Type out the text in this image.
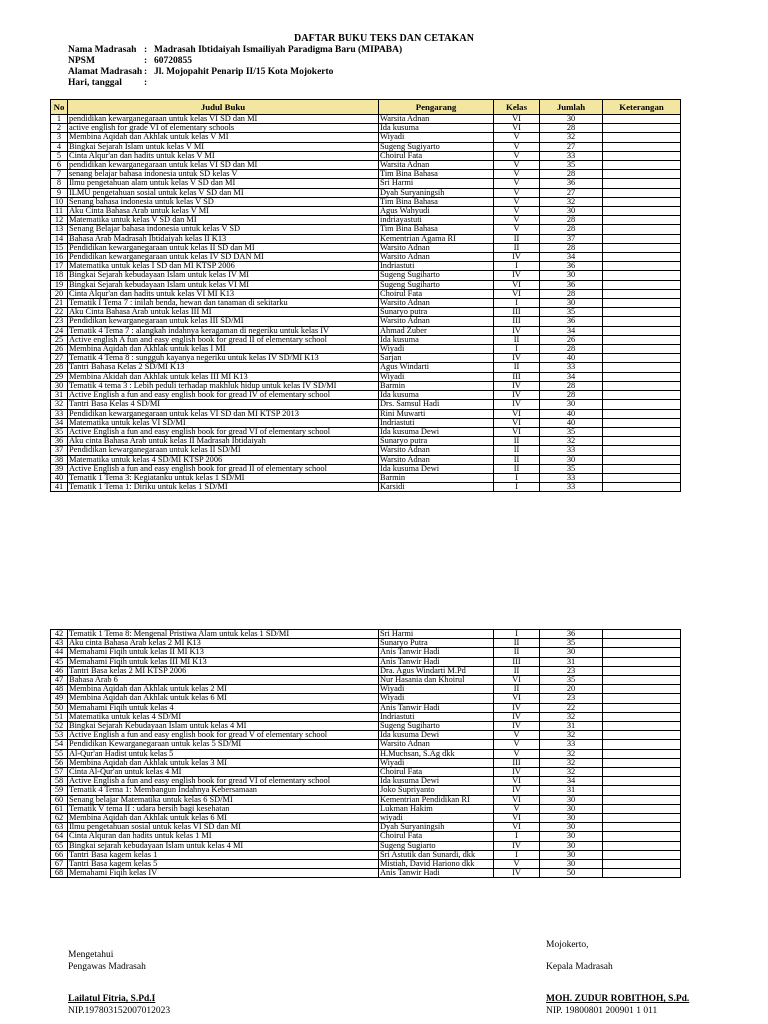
DAFTAR BUKU TEKS DAN CETAKAN
Nama Madrasah : Madrasah Ibtidaiyah Ismailiyah Paradigma Baru (MIPABA)
NPSM	: 60720855
Alamat Madrasah : Jl. Mojopahit Penarip II/15 Kota Mojokerto
Hari, tanggal :
No	Judul Buku	Pengarang	Kelas	Jumlah	Keterangan
1	pendidikan kewarganegaraan untuk kelas VI SD dan MI	Warsita Adnan	VI	30	
2	active english for grade VI of elementary schools	Ida kusuma	VI	28	
3	Membina Aqidah dan Akhlak untuk kelas V MI	Wiyadi	V	32	
4	Bingkai Sejarah Islam untuk kelas V MI	Sugeng Sugiyarto	V	27	
5	Cinta Alqur'an dan hadits untuk kelas V MI	Choirul Fata	V	33	
6	pendidikan kewarganegaraan untuk kelas VI SD dan MI	Warsita Adnan	V	35	
7	senang belajar bahasa indonesia untuk SD kelas V	Tim Bina Bahasa	V	28	
8	Ilmu pengetahuan alam untuk kelas V SD dan MI	Sri Harmi	V	36	
9	ILMU pengetahuan sosial untuk kelas V SD dan MI	Dyah Suryaningsih	V	27	
10	Senang bahasa indonesia untuk kelas V SD	Tim Bina Bahasa	V	32	
11	Aku Cinta Bahasa Arab untuk kelas V MI	Agus Wahyudi	V	30	
12	Matematika untuk kelas V SD dan MI	indriayastuti	V	28	
13	Senang Belajar bahasa indonesia untuk kelas V SD	Tim Bina Bahasa	V	28	
14	Bahasa Arab Madrasah Ibtidaiyah kelas II K13	Kementrian Agama RI	II	37	
15	Pendidikan kewarganegaraan untuk kelas II SD dan MI	Warsito Adnan	II	28	
16	Pendidikan kewarganegaraan untuk kelas IV SD DAN MI	Warsito Adnan	IV	34	
17	Matematika untuk kelas I SD dan MI KTSP 2006	Indriastuti	I	36	
18	Bingkai Sejarah kebudayaan Islam untuk kelas IV MI	Sugeng Sugiharto	IV	30	
19	Bingkai Sejarah kebudayaan Islam untuk kelas VI MI	Sugeng Sugiharto	VI	36	
20	Cinta Alqur'an dan hadits untuk kelas VI MI K13	Choirul Fata	VI	28	
21	Tematik I Tema 7 : inilah benda, hewan dan tanaman di sekitarku	Warsito Adnan	I	30	
22	Aku Cinta Bahasa Arab untuk kelas III MI	Sunaryo putra	III	35	
23	Pendidikan kewarganegaraan untuk kelas III SD/MI	Warsito Adnan	III	36	
24	Tematik 4 Tema 7 : alangkah indahnya keragaman di negeriku untuk kelas IV	Ahmad Zuber	IV	34	
25	Active english A fun and easy english book for gread II of elementary school	Ida kusuma	II	26	
26	Membina Aqidah dan Akhlak untuk kelas I MI	Wiyadi	I	28	
27	Tematik 4 Tema 8 : sungguh kayanya negeriku untuk kelas IV SD/MI K13	Sarjan	IV	40	
28	Tantri Bahasa Kelas 2 SD/MI K13	Agus Windarti	II	33	
29	Membina Akidah dan Akhlak untuk kelas III MI K13	Wiyadi	III	34	
30	Tematik 4 tema 3 : Lebih peduli terhadap makhluk hidup untuk kelas IV SD/MI	Barmin	IV	28	
31	Active English a fun and easy english book for gread IV of elementary school	Ida kusuma	IV	28	
32	Tantri Basa Kelas 4 SD/MI	Drs. Samsul Hadi	IV	30	
33	Pendidikan kewarganegaraan untuk kelas VI SD dan MI KTSP 2013	Rini Muwarti	VI	40	
34	Matematika untuk kelas VI SD/MI	Indriastuti	VI	40	
35	Active English a fun and easy english book for gread VI of elementary school	Ida kusuma Dewi	VI	35	
36	Aku cinta Bahasa Arab untuk kelas II Madrasah Ibtidaiyah	Sunaryo putra	II	32	
37	Pendidikan kewarganegaraan untuk kelas II SD/MI	Warsito Adnan	II	33	
38	Matematika untuk kelas 4 SD/MI KTSP 2006	Warsito Adnan	II	30	
39	Active English a fun and easy english book for gread II of elementary school	Ida kusuma Dewi	II	35	
40	Tematik 1 Tema 3: Kegiatanku untuk kelas 1 SD/MI	Barmin	I	33	
41	Tematik 1 Tema 1: Diriku untuk kelas 1 SD/MI	Karsidi	I	33	
42	Tematik 1 Tema 8: Mengenal Pristiwa Alam untuk kelas 1 SD/MI	Sri Harmi	I	36	
43	Aku cinta Bahasa Arab kelas 2 MI K13	Sunaryo Putra	II	35	
44	Memahami Fiqih untuk kelas II MI K13	Anis Tanwir Hadi	II	30	
45	Memahami Fiqih untuk kelas III MI K13	Anis Tanwir Hadi	III	31	
46	Tantri Basa kelas 2 MI KTSP 2006	Dra. Agus Windarti M.Pd	II	23	
47	Bahasa Arab 6	Nur Hasania dan Khoirul	VI	35	
48	Membina Aqidah dan Akhlak untuk kelas 2 MI	Wiyadi	II	20	
49	Membina Aqidah dan Akhlak untuk kelas 6 MI	Wiyadi	VI	23	
50	Memahami Fiqih untuk kelas 4	Anis Tanwir Hadi	IV	22	
51	Matematika untuk kelas 4 SD/MI	Indriastuti	IV	32	
52	Bingkai Sejarah Kebudayaan Islam untuk kelas 4 MI	Sugeng Sugiharto	IV	31	
53	Active English a fun and easy english book for gread V of elementary school	Ida kusuma Dewi	V	32	
54	Pendidikan Kewarganegaraan untuk kelas 5 SD/MI	Warsito Adnan	V	33	
55	Al-Qur'an Hadist untuk kelas 5	H.Muchsan, S.Ag dkk	V	32	
56	Membina Aqidah dan Akhlak untuk kelas 3 MI	Wiyadi	III	32	
57	Cinta Al-Qur'an untuk kelas 4 MI	Choirul Fata	IV	32	
58	Active English a fun and easy english book for gread VI of elementary school	Ida kusuma Dewi	VI	34	
59	Tematik 4 Tema 1: Membangun Indahnya Kebersamaan	Joko Supriyanto	IV	31	
60	Senang belajar Matematika untuk kelas 6 SD/MI	Kementrian Pendidikan RI	VI	30	
61	Tematik V tema II : udara bersih bagi kesehatan	Lukman Hakim	V	30	
62	Membina Aqidah dan Akhlak untuk kelas 6 MI	wiyadi	VI	30	
63	Ilmu pengetahuan sosial untuk kelas VI SD dan MI	Dyah Suryaningsih	VI	30	
64	Cinta Alquran dan hadits untuk kelas 1 MI	Choirul Fata	I	30	
65	Bingkai sejarah kebudayaan Islam untuk kelas 4 MI	Sugeng Sugiarto	IV	30	
66	Tantri Basa kagem kelas 1	Sri Astutik dan Sunardi, dkk	I	30	
67	Tantri Basa kagem kelas 5	Mistiah, David Hariono dkk	V	30	
68	Memahami Fiqih kelas IV	Anis Tanwir Hadi	IV	50	
Mengetahui
Pengawas Madrasah
Lailatul Fitria, S.Pd.I
NIP.197803152007012023
Mojokerto,
Kepala Madrasah
MOH. ZUDUR ROBITHOH, S.Pd.
NIP. 19800801 200901 1 011
